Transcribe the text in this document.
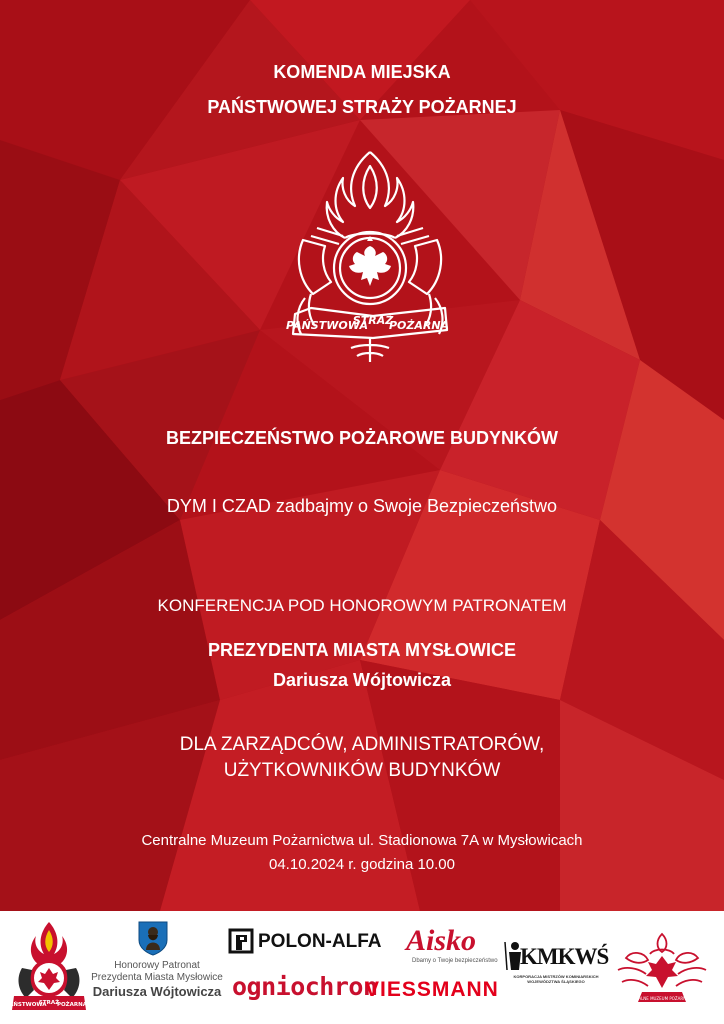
KOMENDA MIEJSKA
PAŃSTWOWEJ STRAŻY POŻARNEJ
PAŃSTWOWA
STRAŻ
POŻARNA
BEZPIECZEŃSTWO POŻAROWE BUDYNKÓW
DYM I CZAD zadbajmy o Swoje Bezpieczeństwo
KONFERENCJA POD HONOROWYM PATRONATEM
PREZYDENTA MIASTA MYSŁOWICE
Dariusza Wójtowicza
DLA ZARZĄDCÓW, ADMINISTRATORÓW,
UŻYTKOWNIKÓW BUDYNKÓW
Centralne Muzeum Pożarnictwa ul. Stadionowa 7A w Mysłowicach
04.10.2024 r. godzina 10.00
PAŃSTWOWA
STRAŻ
POŻARNA
Honorowy Patronat
Prezydenta Miasta Mysłowice
Dariusza Wójtowicza
POLON-ALFA Aisko
Dbamy o Twoje bezpieczeństwo KMKWŚ
KORPORACJA MISTRZÓW KOMINIARSKICH WOJEWÓDZTWA ŚLĄSKIEGO
ogniochron
VIESSMANN	CENTRALNE MUZEUM POŻARNICTWA
